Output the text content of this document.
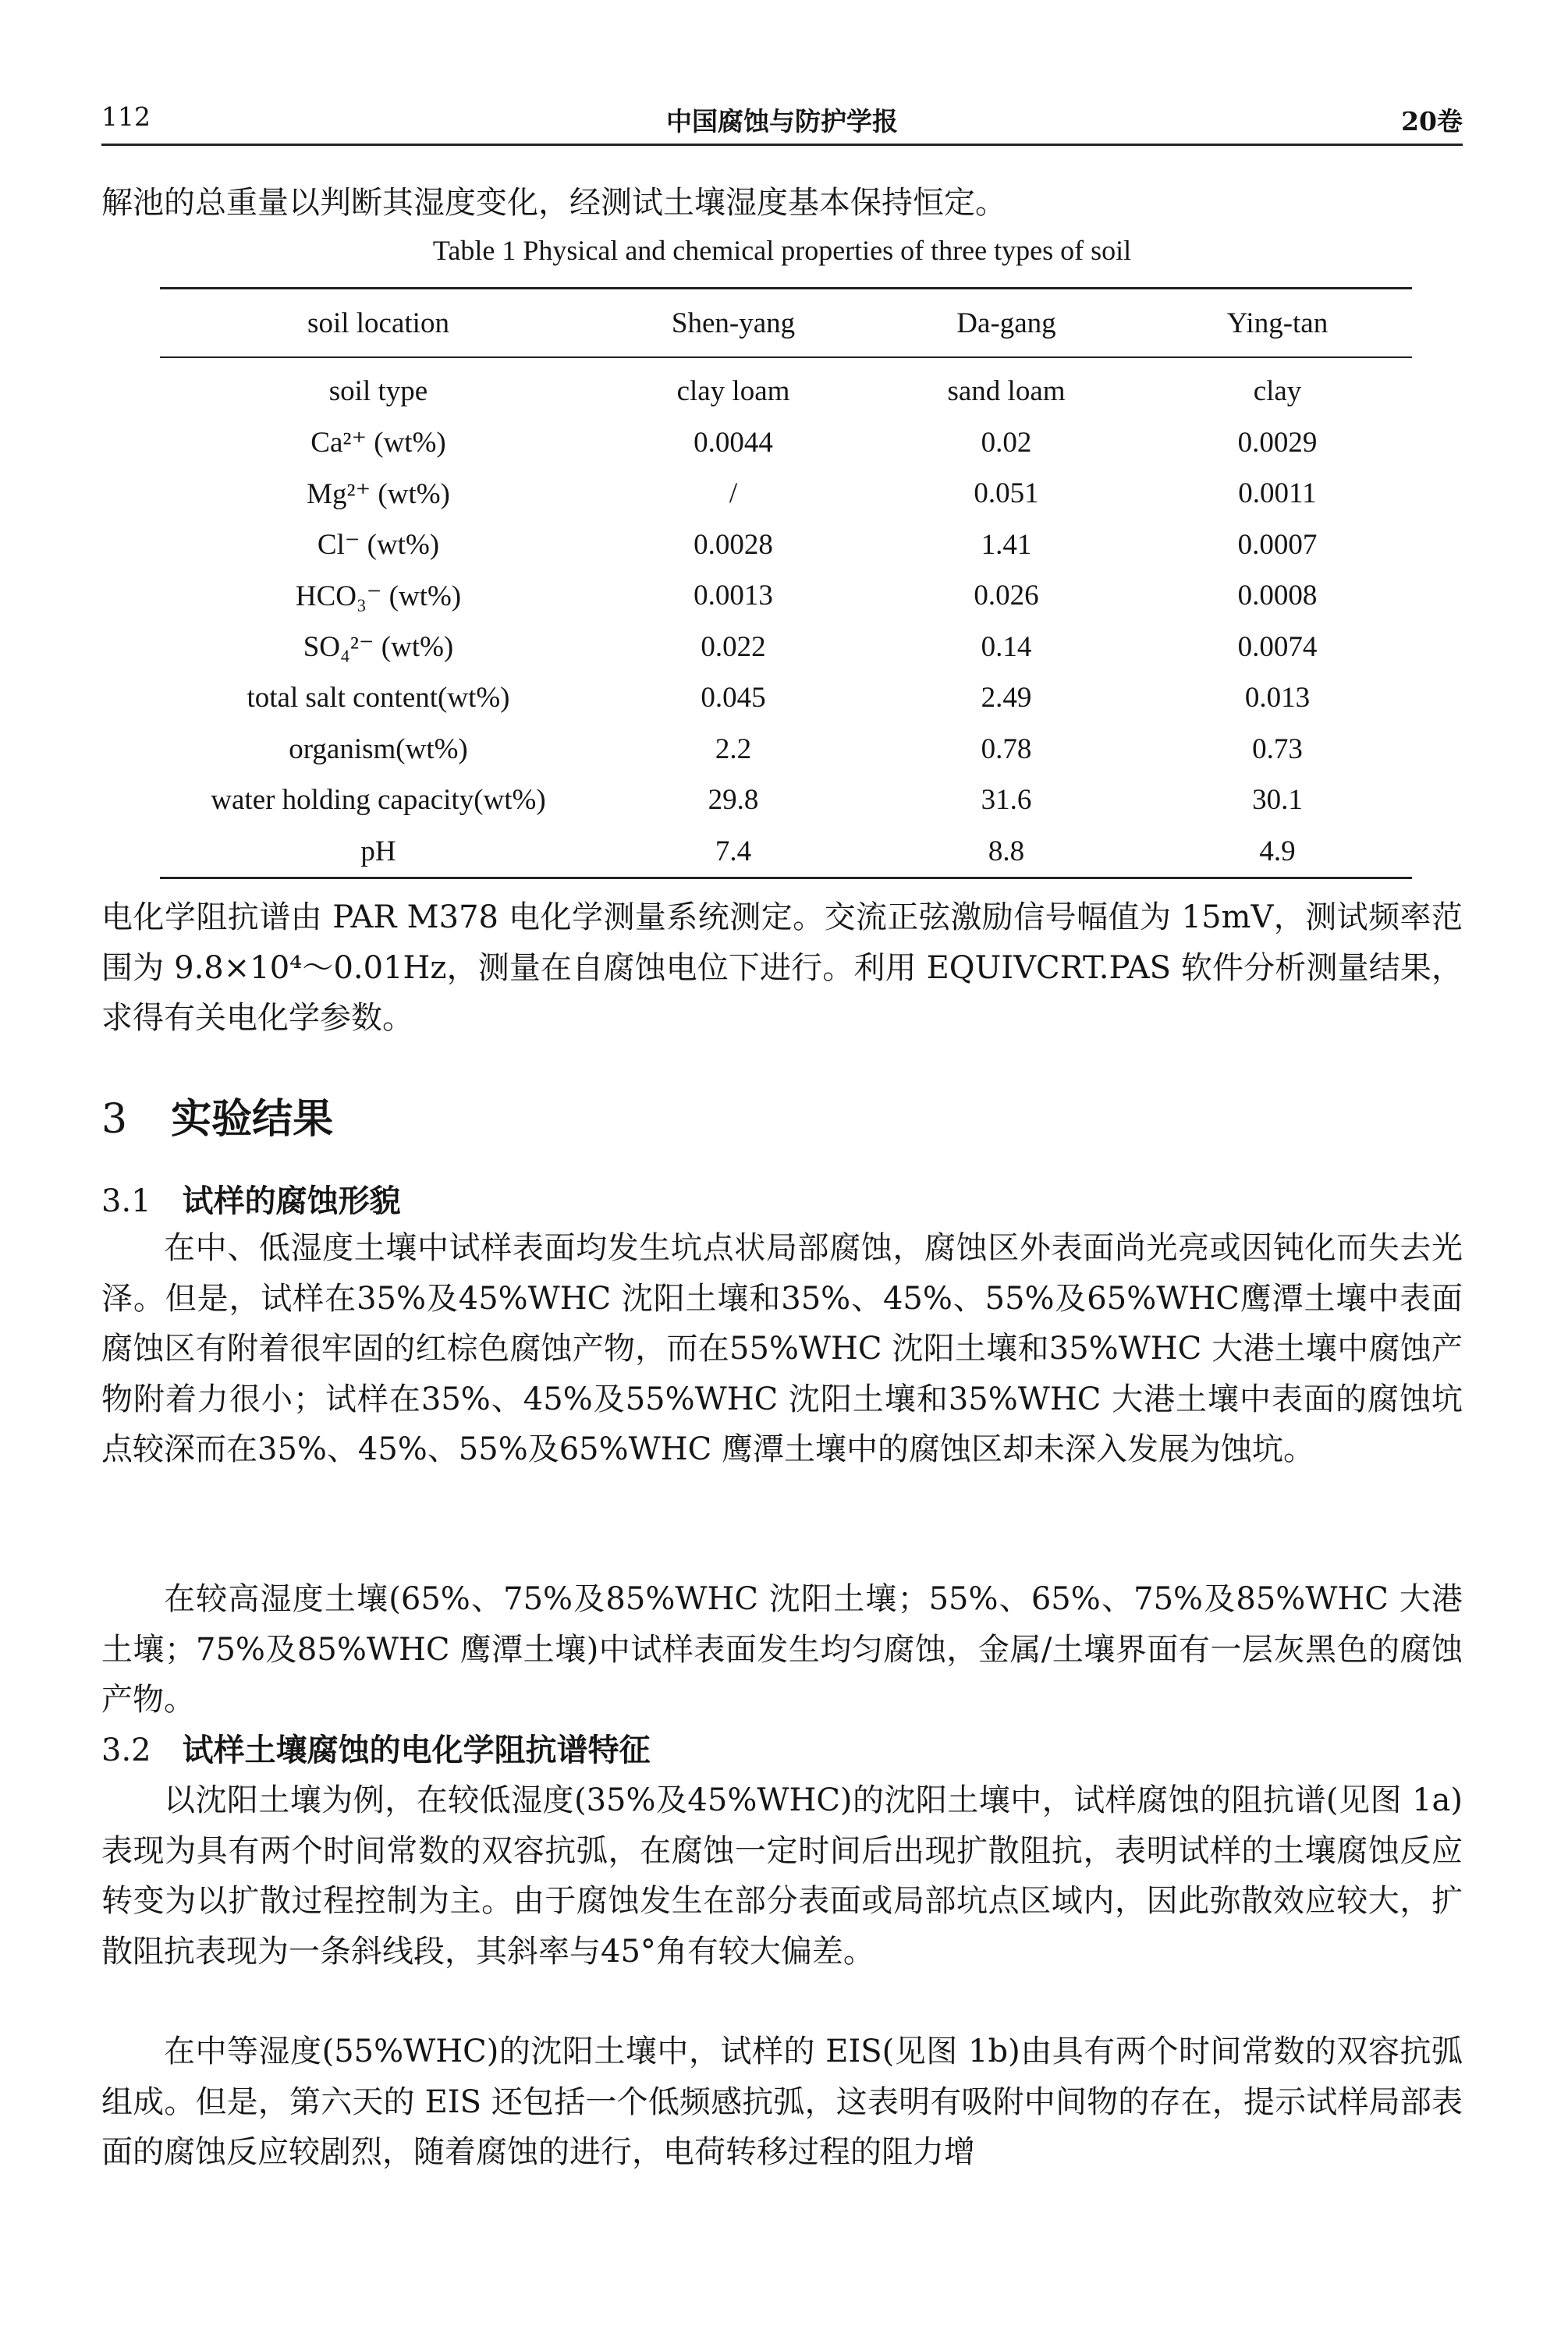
112	中国腐蚀与防护学报	20卷

解池的总重量以判断其湿度变化，经测试土壤湿度基本保持恒定。

Table 1 Physical and chemical properties of three types of soil
soil location	Shen-yang	Da-gang	Ying-tan
soil type	clay loam	sand loam	clay
Ca²⁺ (wt%)	0.0044	0.02	0.0029
Mg²⁺ (wt%)	/	0.051	0.0011
Cl⁻ (wt%)	0.0028	1.41	0.0007
HCO₃⁻ (wt%)	0.0013	0.026	0.0008
SO₄²⁻ (wt%)	0.022	0.14	0.0074
total salt content(wt%)	0.045	2.49	0.013
organism(wt%)	2.2	0.78	0.73
water holding capacity(wt%)	29.8	31.6	30.1
pH	7.4	8.8	4.9

电化学阻抗谱由 PAR M378 电化学测量系统测定。交流正弦激励信号幅值为 15mV，测试频率范围为 9.8×10⁴～0.01Hz，测量在自腐蚀电位下进行。利用 EQUIVCRT.PAS 软件分析测量结果，求得有关电化学参数。

3 实验结果
3.1 试样的腐蚀形貌

在中、低湿度土壤中试样表面均发生坑点状局部腐蚀，腐蚀区外表面尚光亮或因钝化而失去光泽。但是，试样在35%及45%WHC 沈阳土壤和35%、45%、55%及65%WHC鹰潭土壤中表面腐蚀区有附着很牢固的红棕色腐蚀产物，而在55%WHC 沈阳土壤和35%WHC 大港土壤中腐蚀产物附着力很小；试样在35%、45%及55%WHC 沈阳土壤和35%WHC 大港土壤中表面的腐蚀坑点较深而在35%、45%、55%及65%WHC 鹰潭土壤中的腐蚀区却未深入发展为蚀坑。

在较高湿度土壤(65%、75%及85%WHC 沈阳土壤；55%、65%、75%及85%WHC 大港土壤；75%及85%WHC 鹰潭土壤)中试样表面发生均匀腐蚀，金属/土壤界面有一层灰黑色的腐蚀产物。

3.2 试样土壤腐蚀的电化学阻抗谱特征

以沈阳土壤为例，在较低湿度(35%及45%WHC)的沈阳土壤中，试样腐蚀的阻抗谱(见图 1a)表现为具有两个时间常数的双容抗弧，在腐蚀一定时间后出现扩散阻抗，表明试样的土壤腐蚀反应转变为以扩散过程控制为主。由于腐蚀发生在部分表面或局部坑点区域内，因此弥散效应较大，扩散阻抗表现为一条斜线段，其斜率与45°角有较大偏差。

在中等湿度(55%WHC)的沈阳土壤中，试样的 EIS(见图 1b)由具有两个时间常数的双容抗弧组成。但是，第六天的 EIS 还包括一个低频感抗弧，这表明有吸附中间物的存在，提示试样局部表面的腐蚀反应较剧烈，随着腐蚀的进行，电荷转移过程的阻力增
